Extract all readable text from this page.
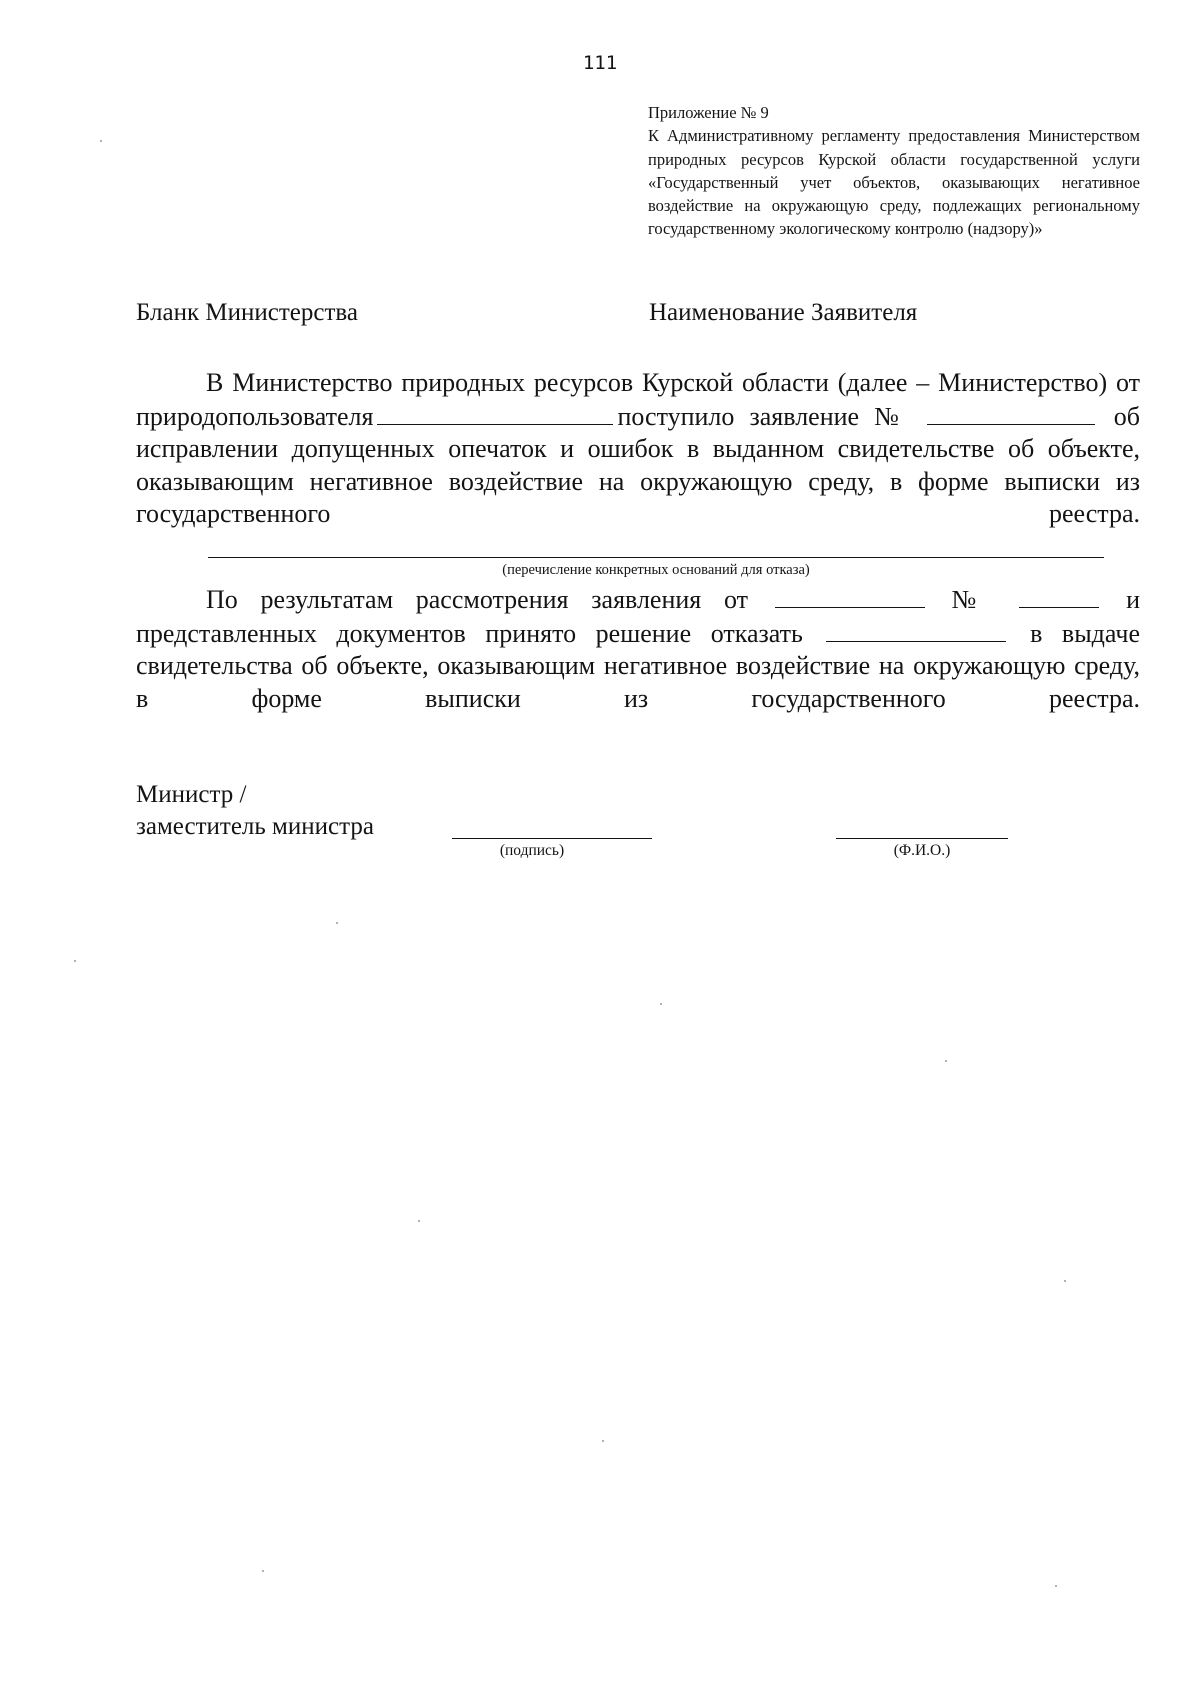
111

Приложение № 9

К Административному регламенту предоставления Министерством природных ресурсов Курской области государственной услуги «Государственный учет объектов, оказывающих негативное воздействие на окружающую среду, подлежащих региональному государственному экологическому контролю (надзору)»

Бланк Министерства	Наименование Заявителя

В Министерство природных ресурсов Курской области (далее – Министерство) от природопользователя	поступило заявление №	об исправлении допущенных опечаток и ошибок в выданном свидетельстве об объекте, оказывающим негативное воздействие на окружающую среду, в форме выписки из государственного реестра.

(перечисление конкретных оснований для отказа)

По результатам рассмотрения заявления от	№	и представленных документов принято решение отказать	в выдаче свидетельства об объекте, оказывающим негативное воздействие на окружающую среду, в форме выписки из государственного реестра.

Министр /
заместитель министра
(подпись)	(Ф.И.О.)
